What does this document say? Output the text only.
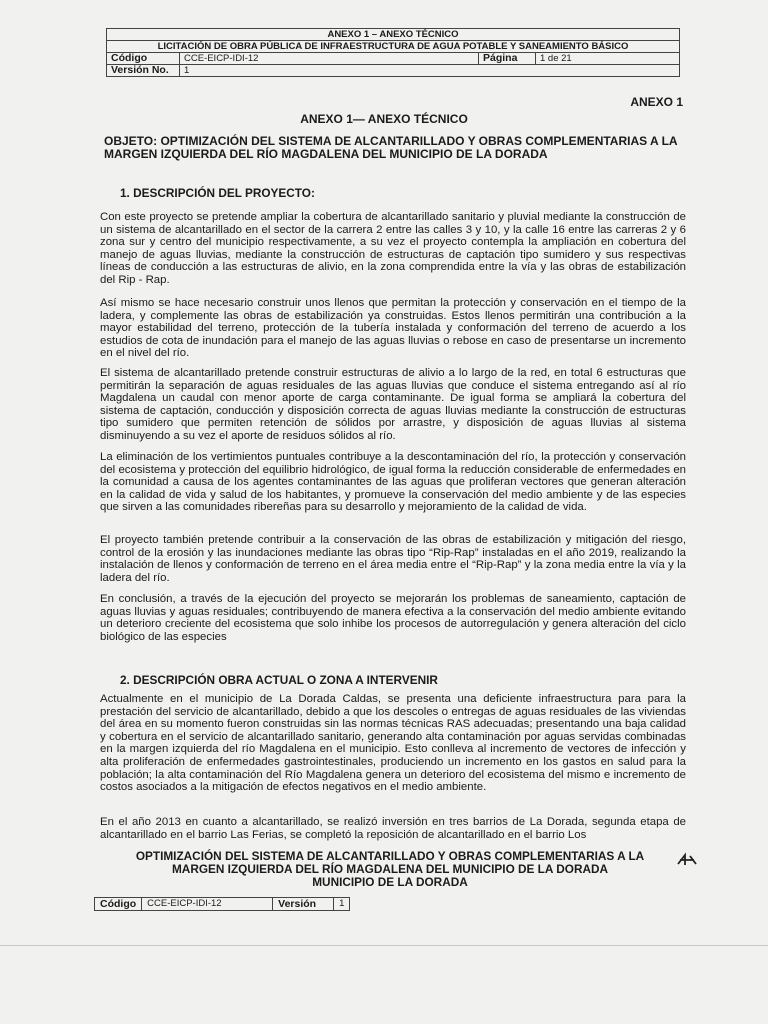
ANEXO 1 – ANEXO TÉCNICO			
LICITACIÓN DE OBRA PÚBLICA DE INFRAESTRUCTURA DE AGUA POTABLE Y SANEAMIENTO BÁSICO			
Código	CCE-EICP-IDI-12	Página	1 de 21
Versión No.	1		
ANEXO 1
ANEXO 1— ANEXO TÉCNICO
OBJETO: OPTIMIZACIÓN DEL SISTEMA DE ALCANTARILLADO Y OBRAS COMPLEMENTARIAS A LA MARGEN IZQUIERDA DEL RÍO MAGDALENA DEL MUNICIPIO DE LA DORADA
1. DESCRIPCIÓN DEL PROYECTO:

Con este proyecto se pretende ampliar la cobertura de alcantarillado sanitario y pluvial mediante la construcción de un sistema de alcantarillado en el sector de la carrera 2 entre las calles 3 y 10, y la calle 16 entre las carreras 2 y 6 zona sur y centro del municipio respectivamente, a su vez el proyecto contempla la ampliación en cobertura del manejo de aguas lluvias, mediante la construcción de estructuras de captación tipo sumidero y sus respectivas líneas de conducción a las estructuras de alivio, en la zona comprendida entre la vía y las obras de estabilización del Rip - Rap.

Así mismo se hace necesario construir unos llenos que permitan la protección y conservación en el tiempo de la ladera, y complemente las obras de estabilización ya construidas. Estos llenos permitirán una contribución a la mayor estabilidad del terreno, protección de la tubería instalada y conformación del terreno de acuerdo a los estudios de cota de inundación para el manejo de las aguas lluvias o rebose en caso de presentarse un incremento en el nivel del río.

El sistema de alcantarillado pretende construir estructuras de alivio a lo largo de la red, en total 6 estructuras que permitirán la separación de aguas residuales de las aguas lluvias que conduce el sistema entregando así al río Magdalena un caudal con menor aporte de carga contaminante. De igual forma se ampliará la cobertura del sistema de captación, conducción y disposición correcta de aguas lluvias mediante la construcción de estructuras tipo sumidero que permiten retención de sólidos por arrastre, y disposición de aguas lluvias al sistema disminuyendo a su vez el aporte de residuos sólidos al río.

La eliminación de los vertimientos puntuales contribuye a la descontaminación del río, la protección y conservación del ecosistema y protección del equilibrio hidrológico, de igual forma la reducción considerable de enfermedades en la comunidad a causa de los agentes contaminantes de las aguas que proliferan vectores que generan alteración en la calidad de vida y salud de los habitantes, y promueve la conservación del medio ambiente y de las especies que sirven a las comunidades ribereñas para su desarrollo y mejoramiento de la calidad de vida.

El proyecto también pretende contribuir a la conservación de las obras de estabilización y mitigación del riesgo, control de la erosión y las inundaciones mediante las obras tipo “Rip-Rap” instaladas en el año 2019, realizando la instalación de llenos y conformación de terreno en el área media entre el “Rip-Rap” y la zona media entre la vía y la ladera del río.

En conclusión, a través de la ejecución del proyecto se mejorarán los problemas de saneamiento, captación de aguas lluvias y aguas residuales; contribuyendo de manera efectiva a la conservación del medio ambiente evitando un deterioro creciente del ecosistema que solo inhibe los procesos de autorregulación y genera alteración del ciclo biológico de las especies

2. DESCRIPCIÓN OBRA ACTUAL O ZONA A INTERVENIR

Actualmente en el municipio de La Dorada Caldas, se presenta una deficiente infraestructura para para la prestación del servicio de alcantarillado, debido a que los descoles o entregas de aguas residuales de las viviendas del área en su momento fueron construidas sin las normas técnicas RAS adecuadas; presentando una baja calidad y cobertura en el servicio de alcantarillado sanitario, generando alta contaminación por aguas servidas combinadas en la margen izquierda del río Magdalena en el municipio. Esto conlleva al incremento de vectores de infección y alta proliferación de enfermedades gastrointestinales, produciendo un incremento en los gastos en salud para la población; la alta contaminación del Río Magdalena genera un deterioro del ecosistema del mismo e incremento de costos asociados a la mitigación de efectos negativos en el medio ambiente.

En el año 2013 en cuanto a alcantarillado, se realizó inversión en tres barrios de La Dorada, segunda etapa de alcantarillado en el barrio Las Ferias, se completó la reposición de alcantarillado en el barrio Los

OPTIMIZACIÓN DEL SISTEMA DE ALCANTARILLADO Y OBRAS COMPLEMENTARIAS A LA
MARGEN IZQUIERDA DEL RÍO MAGDALENA DEL MUNICIPIO DE LA DORADA
MUNICIPIO DE LA DORADA
Código	CCE-EICP-IDI-12	Versión	1
